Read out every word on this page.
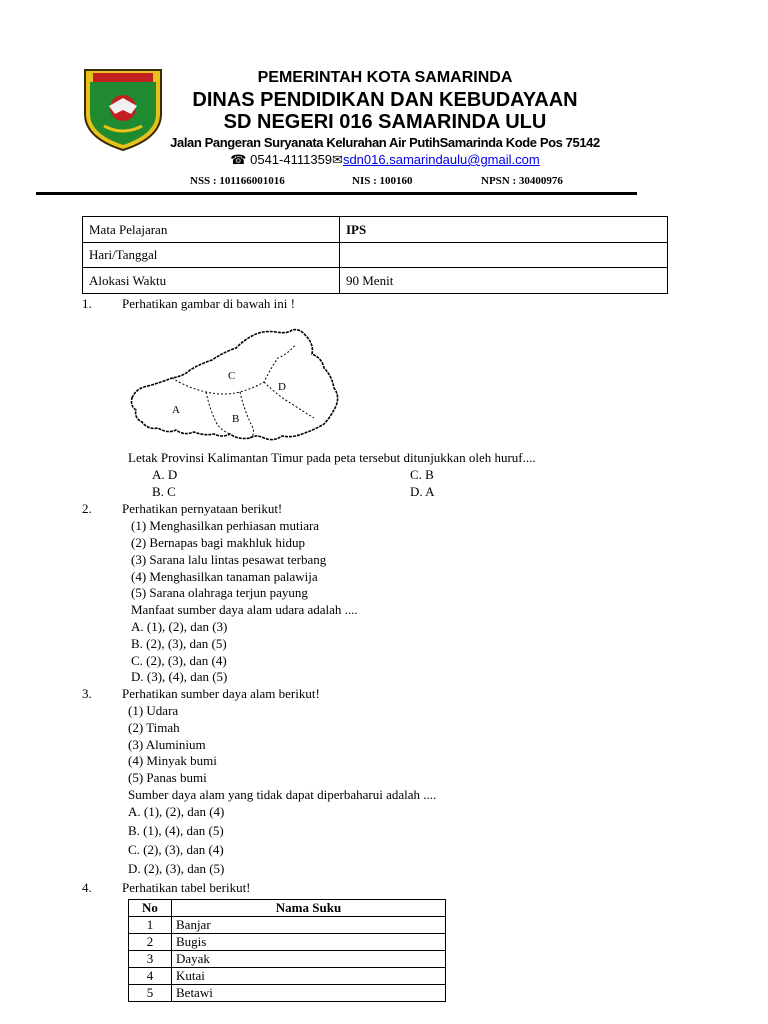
PEMERINTAH KOTA SAMARINDA
DINAS PENDIDIKAN DAN KEBUDAYAAN
SD NEGERI 016 SAMARINDA ULU
Jalan Pangeran Suryanata Kelurahan Air PutihSamarinda Kode Pos 75142
☎ 0541-4111359✉sdn016.samarindaulu@gmail.com
NSS : 101166001016	NIS : 100160	NPSN : 30400976
Mata Pelajaran	IPS
Hari/Tanggal	
Alokasi Waktu	90 Menit
1. Perhatikan gambar di bawah ini !
A
B
C
D
Letak Provinsi Kalimantan Timur pada peta tersebut ditunjukkan oleh huruf....
A. D
B. C
C. B
D. A
2. Perhatikan pernyataan berikut!
(1) Menghasilkan perhiasan mutiara
(2) Bernapas bagi makhluk hidup
(3) Sarana lalu lintas pesawat terbang
(4) Menghasilkan tanaman palawija
(5) Sarana olahraga terjun payung
Manfaat sumber daya alam udara adalah ....
A. (1), (2), dan (3)
B. (2), (3), dan (5)
C. (2), (3), dan (4)
D. (3), (4), dan (5)
3. Perhatikan sumber daya alam berikut!
(1) Udara
(2) Timah
(3) Aluminium
(4) Minyak bumi
(5) Panas bumi
Sumber daya alam yang tidak dapat diperbaharui adalah ....
A. (1), (2), dan (4)
B. (1), (4), dan (5)
C. (2), (3), dan (4)
D. (2), (3), dan (5)
4. Perhatikan tabel berikut!
No	Nama Suku
1	Banjar
2	Bugis
3	Dayak
4	Kutai
5	Betawi
